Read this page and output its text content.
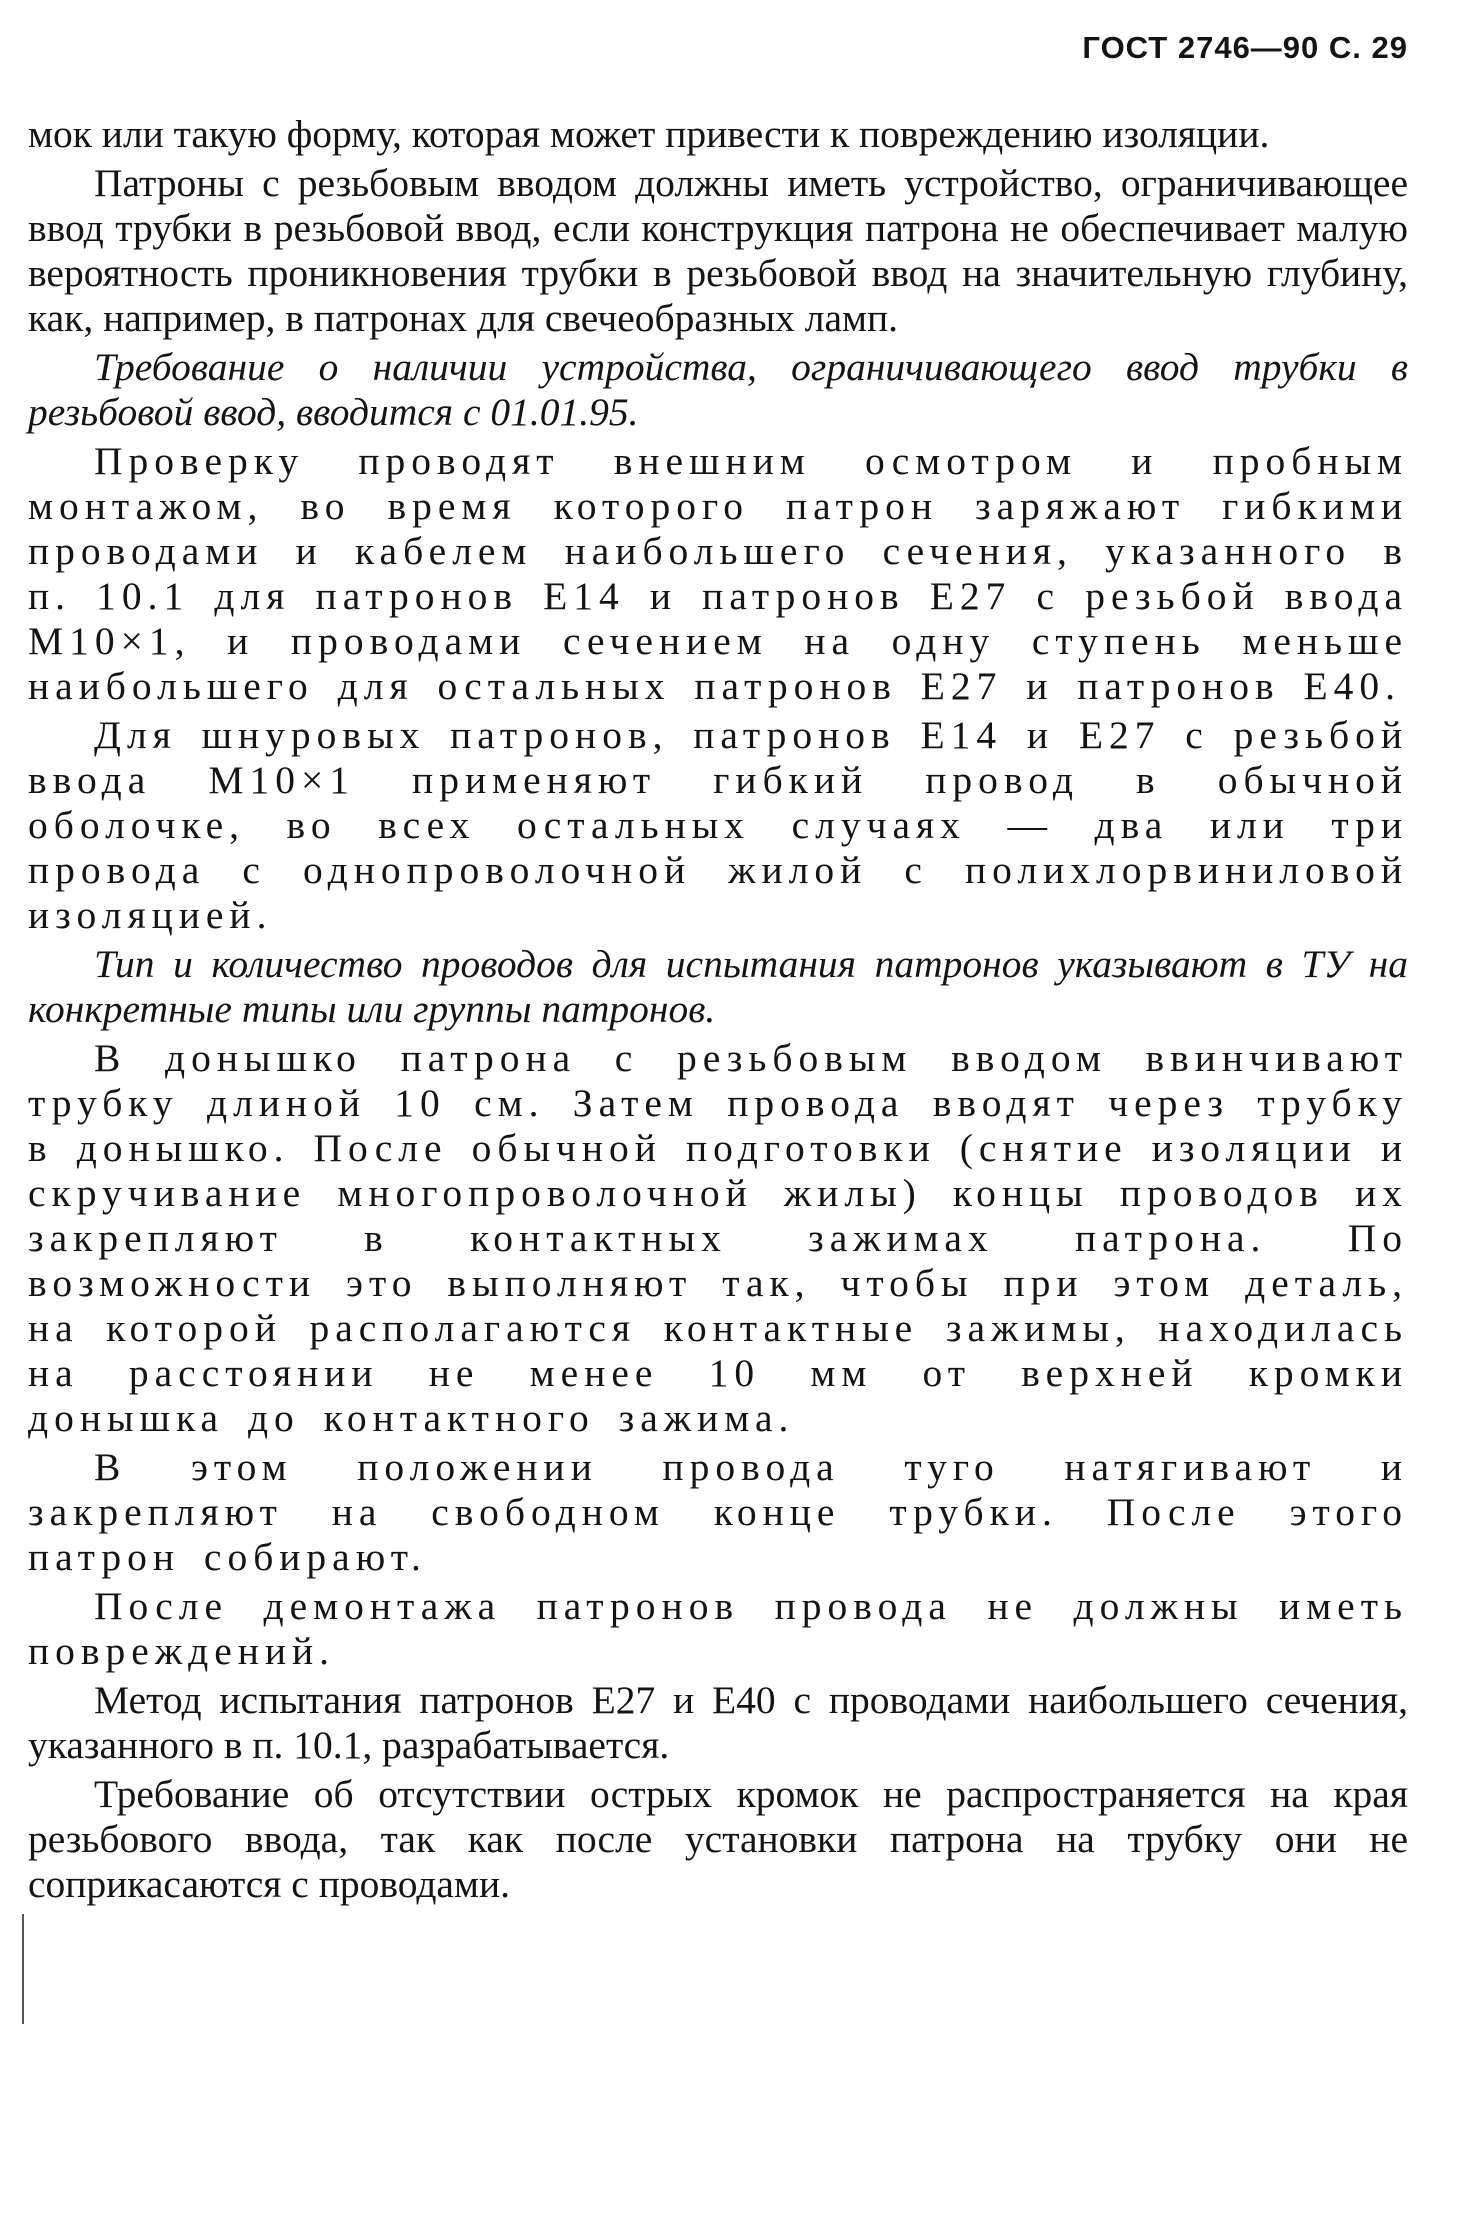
ГОСТ 2746—90 С. 29

мок или такую форму, которая может привести к повреждению изоляции.

Патроны с резьбовым вводом должны иметь устройство, ограничивающее ввод трубки в резьбовой ввод, если конструкция патрона не обеспечивает малую вероятность проникновения трубки в резьбовой ввод на значительную глубину, как, например, в патронах для свечеобразных ламп.

Требование о наличии устройства, ограничивающего ввод трубки в резьбовой ввод, вводится с 01.01.95.

Проверку проводят внешним осмотром и пробным монтажом, во время которого патрон заряжают гибкими проводами и кабелем наибольшего сечения, указанного в п. 10.1 для патронов Е14 и патронов Е27 с резьбой ввода М10×1, и проводами сечением на одну ступень меньше наибольшего для остальных патронов Е27 и патронов Е40.

Для шнуровых патронов, патронов Е14 и Е27 с резьбой ввода М10×1 применяют гибкий провод в обычной оболочке, во всех остальных случаях — два или три провода с однопроволочной жилой с полихлорвиниловой изоляцией.

Тип и количество проводов для испытания патронов указывают в ТУ на конкретные типы или группы патронов.

В донышко патрона с резьбовым вводом ввинчивают трубку длиной 10 см. Затем провода вводят через трубку в донышко. После обычной подготовки (снятие изоляции и скручивание многопроволочной жилы) концы проводов их закрепляют в контактных зажимах патрона. По возможности это выполняют так, чтобы при этом деталь, на которой располагаются контактные зажимы, находилась на расстоянии не менее 10 мм от верхней кромки донышка до контактного зажима.

В этом положении провода туго натягивают и закрепляют на свободном конце трубки. После этого патрон собирают.

После демонтажа патронов провода не должны иметь повреждений.

Метод испытания патронов Е27 и Е40 с проводами наибольшего сечения, указанного в п. 10.1, разрабатывается.

Требование об отсутствии острых кромок не распространяется на края резьбового ввода, так как после установки патрона на трубку они не соприкасаются с проводами.
